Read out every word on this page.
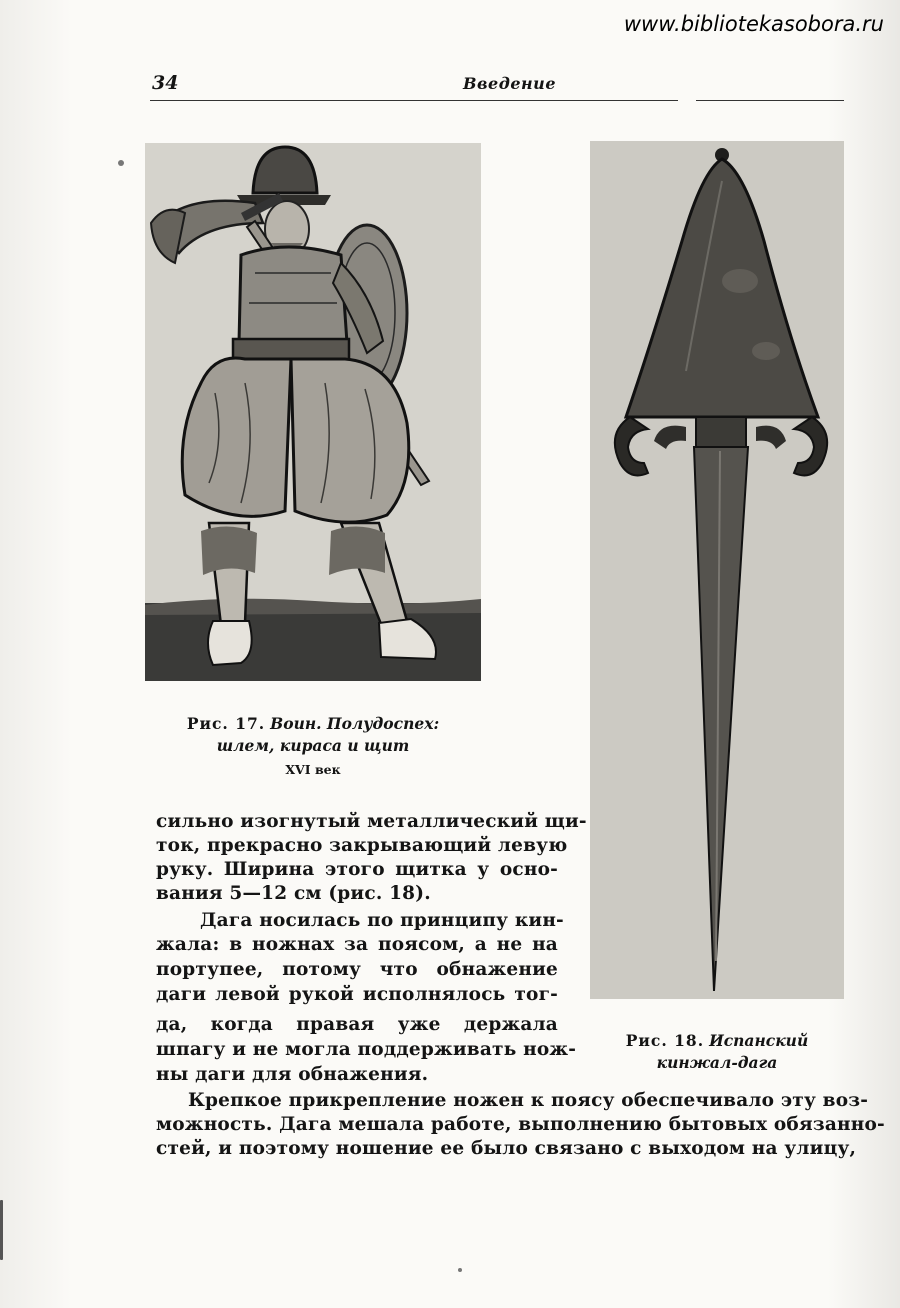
www.bibliotekasobora.ru
34	Введение
Рис. 17. Воин. Полудоспех:
шлем, кираса и щит
XVI век
Рис. 18. Испанский
кинжал-дага
сильно изогнутый металлический щи-
ток, прекрасно закрывающий левую
руку. Ширина этого щитка у осно-
вания 5—12 см (рис. 18).
Дага носилась по принципу кин-
жала: в ножнах за поясом, а не на
портупее, потому что обнажение
даги левой рукой исполнялось тог-
да, когда правая уже держала
шпагу и не могла поддерживать нож-
ны даги для обнажения.
Крепкое прикрепление ножен к поясу обеспечивало эту воз-
можность. Дага мешала работе, выполнению бытовых обязанно-
стей, и поэтому ношение ее было связано с выходом на улицу,
